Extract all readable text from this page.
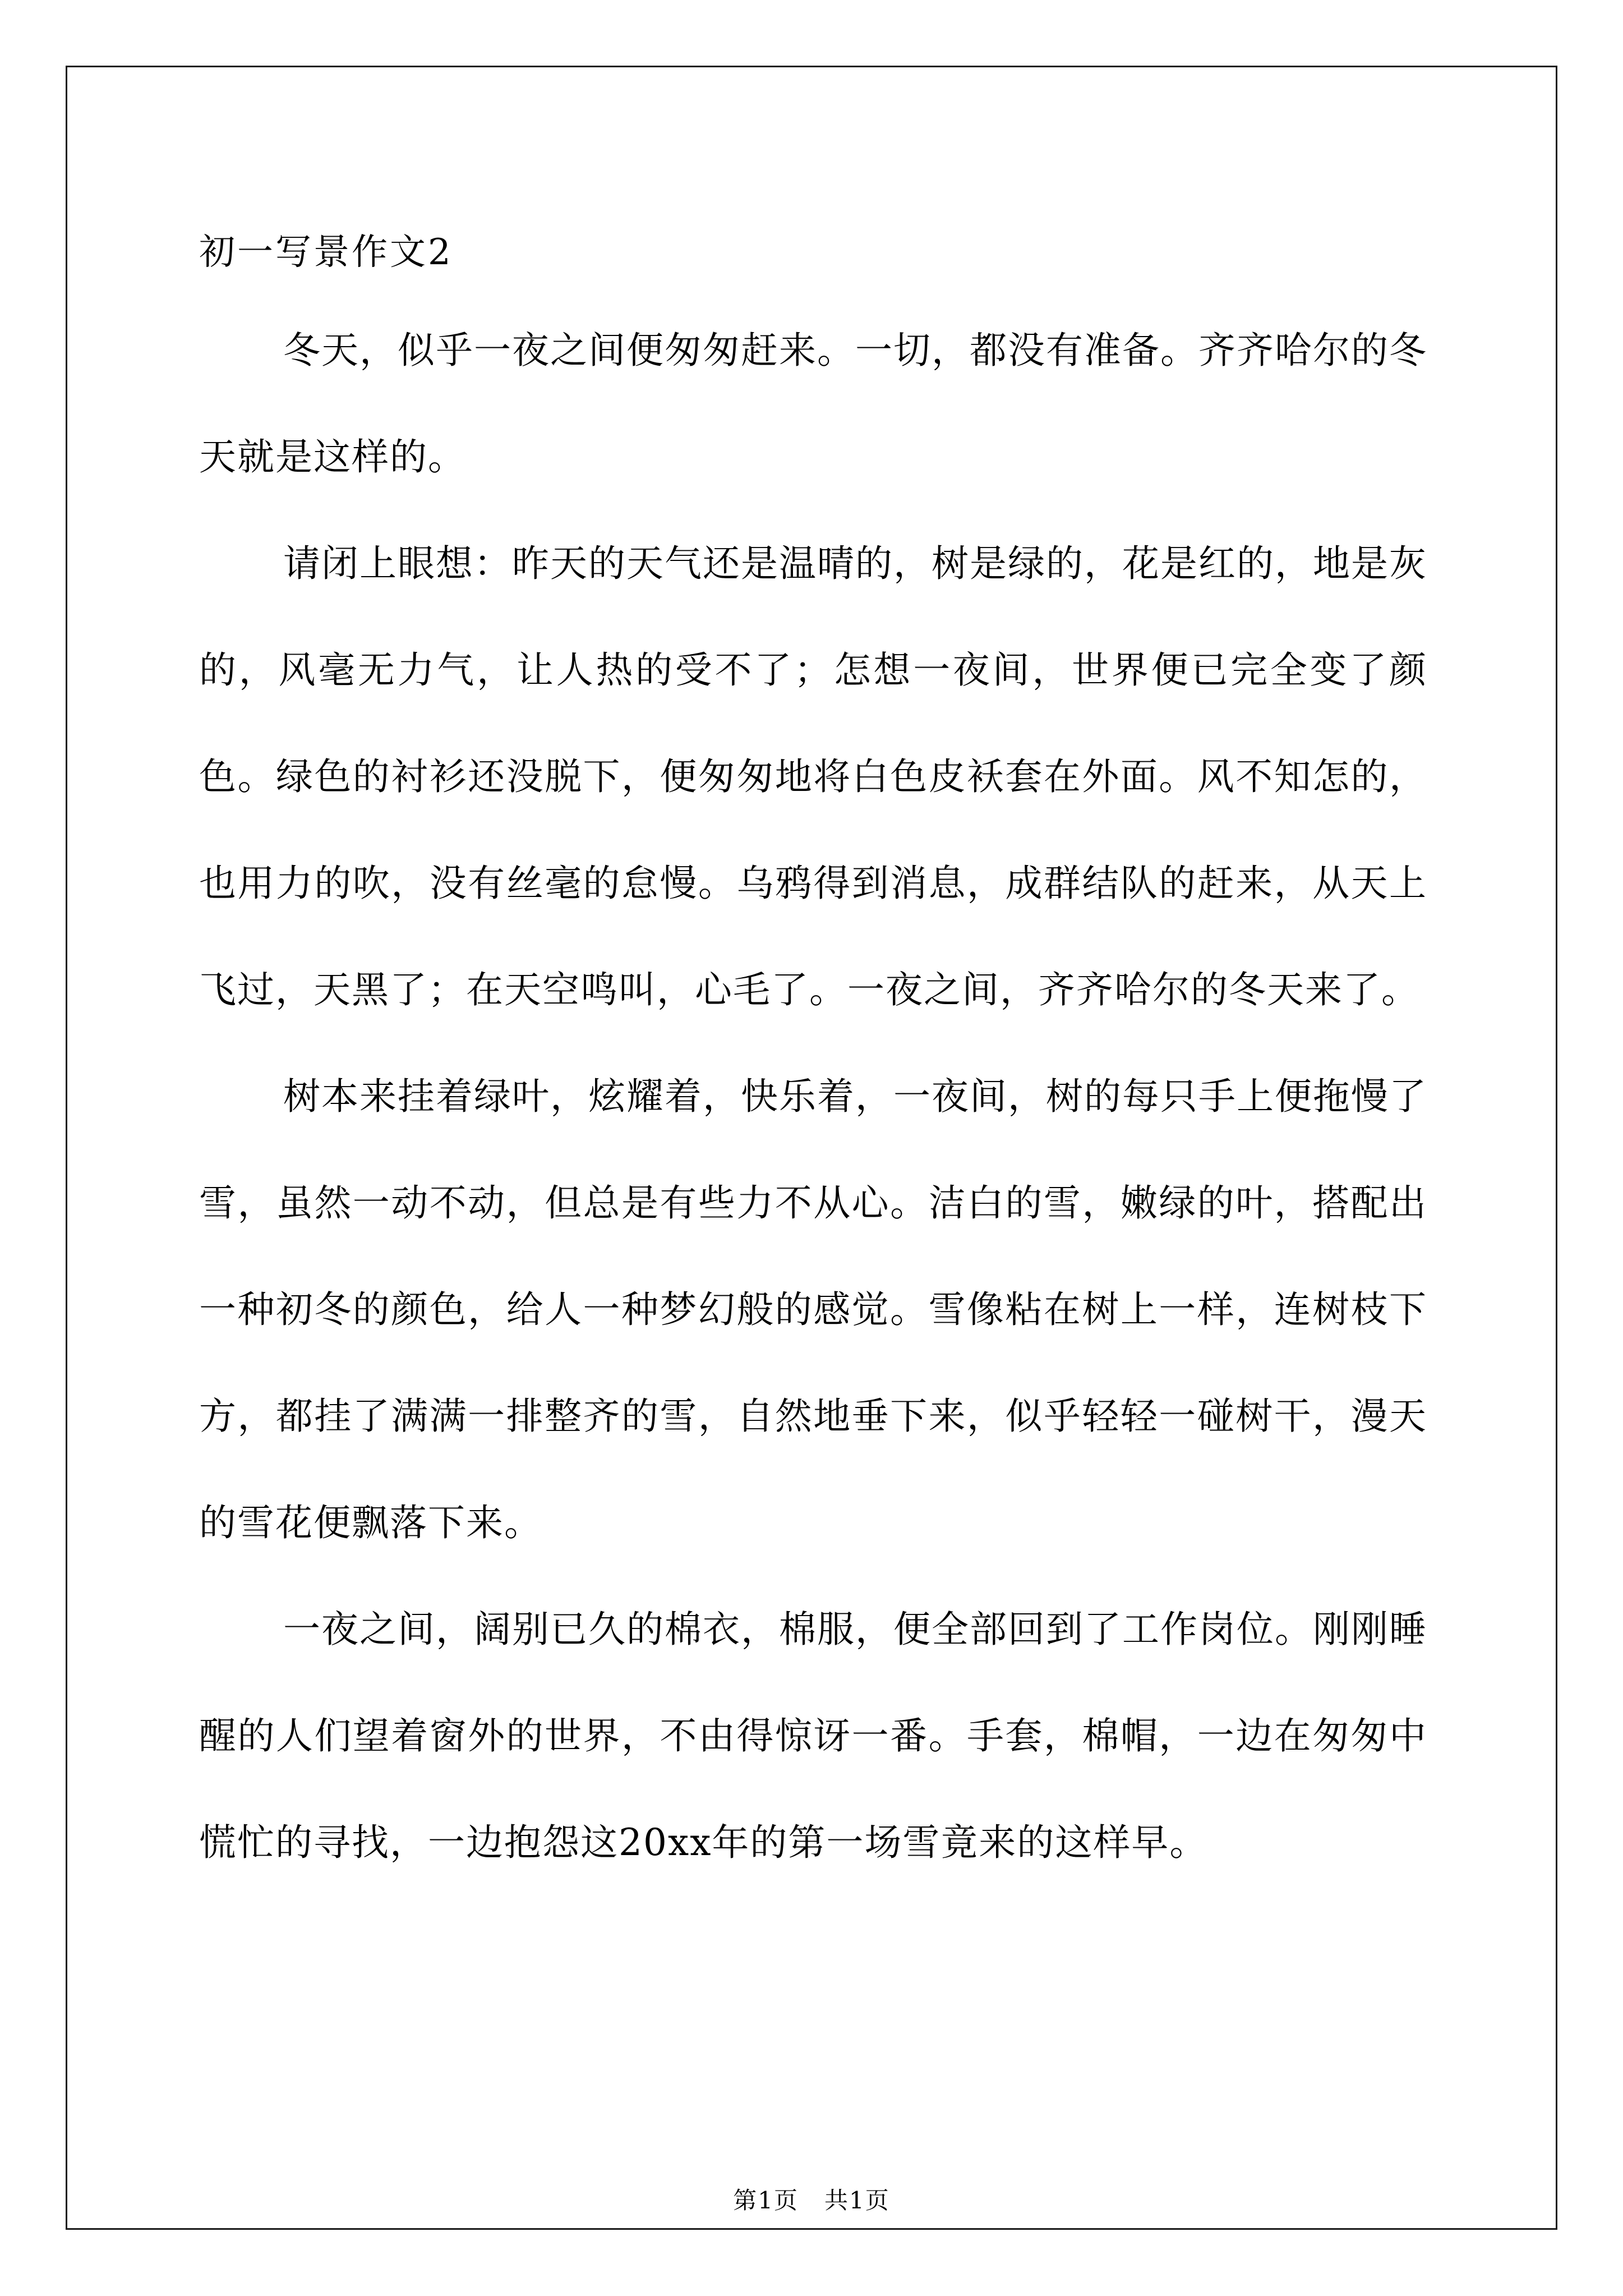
初一写景作文2

冬天，似乎一夜之间便匆匆赶来。一切，都没有准备。齐齐哈尔的冬天就是这样的。

请闭上眼想：昨天的天气还是温晴的，树是绿的，花是红的，地是灰的，风毫无力气，让人热的受不了；怎想一夜间，世界便已完全变了颜色。绿色的衬衫还没脱下，便匆匆地将白色皮袄套在外面。风不知怎的，也用力的吹，没有丝毫的怠慢。乌鸦得到消息，成群结队的赶来，从天上飞过，天黑了；在天空鸣叫，心毛了。一夜之间，齐齐哈尔的冬天来了。

树本来挂着绿叶，炫耀着，快乐着，一夜间，树的每只手上便拖慢了雪，虽然一动不动，但总是有些力不从心。洁白的雪，嫩绿的叶，搭配出一种初冬的颜色，给人一种梦幻般的感觉。雪像粘在树上一样，连树枝下方，都挂了满满一排整齐的雪，自然地垂下来，似乎轻轻一碰树干，漫天的雪花便飘落下来。

一夜之间，阔别已久的棉衣，棉服，便全部回到了工作岗位。刚刚睡醒的人们望着窗外的世界，不由得惊讶一番。手套，棉帽，一边在匆匆中慌忙的寻找，一边抱怨这20xx年的第一场雪竟来的这样早。

第1页 共1页
